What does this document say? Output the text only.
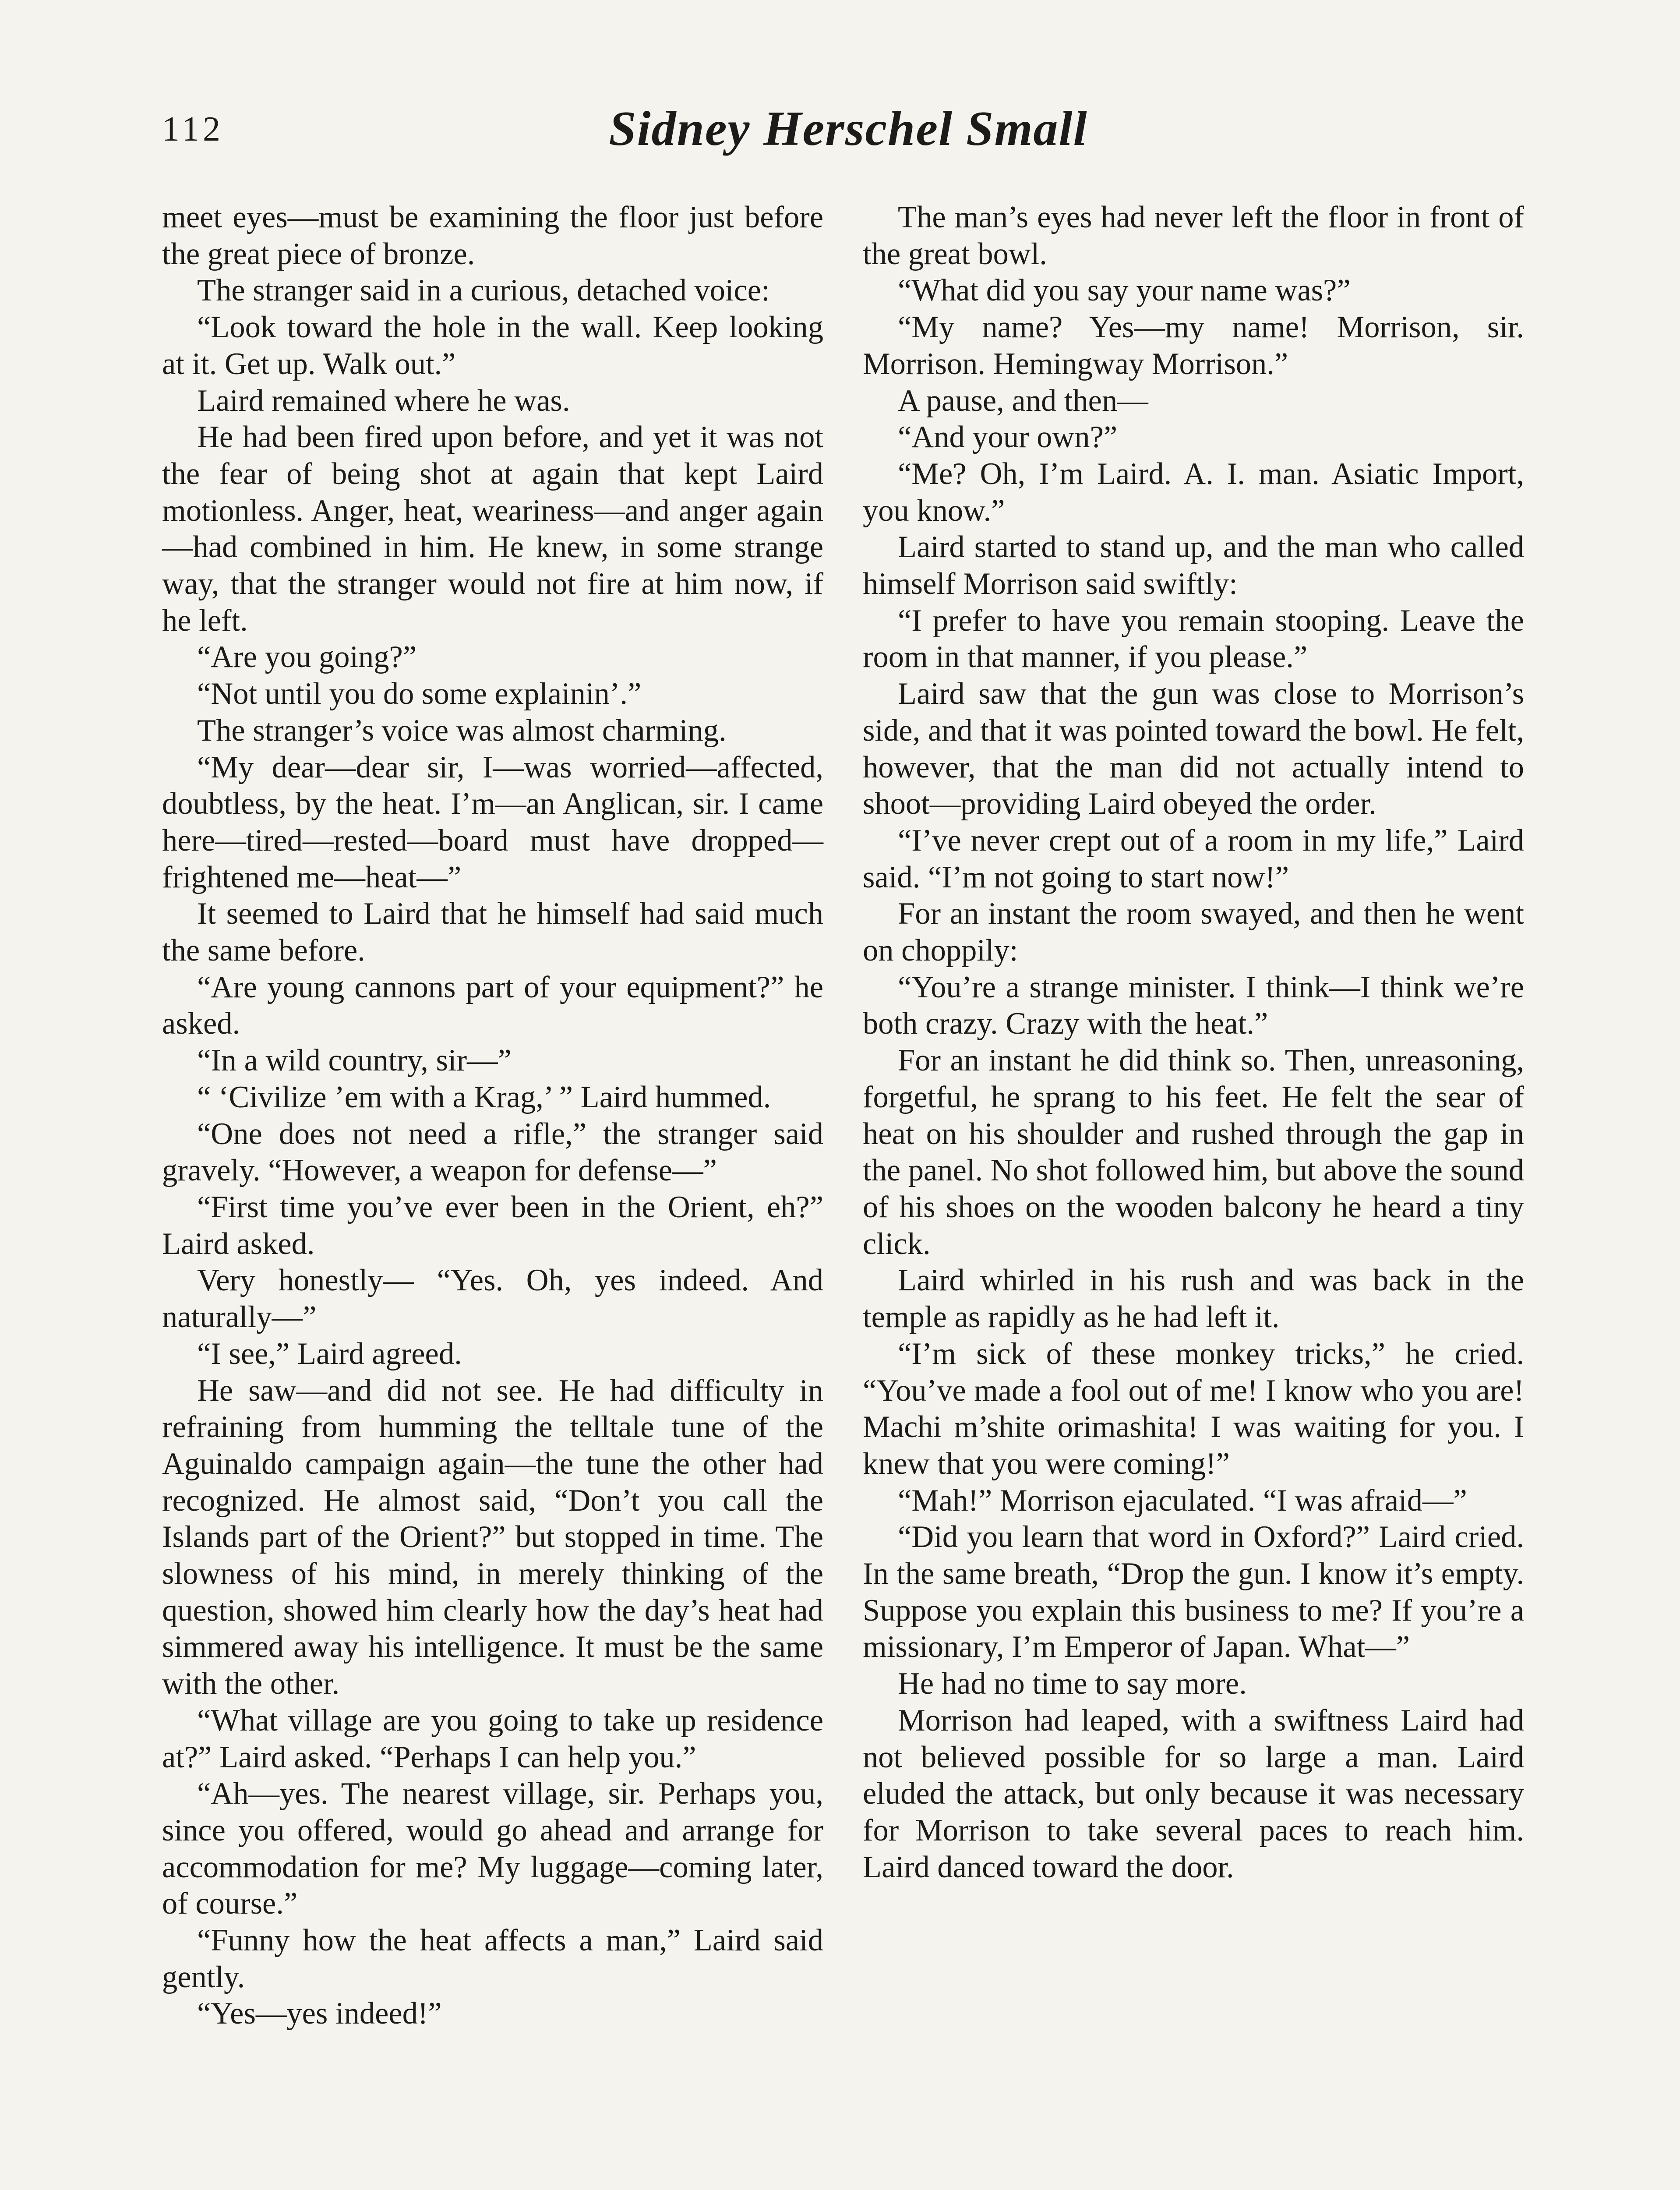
112	Sidney Herschel Small

meet eyes—must be examining the floor just before the great piece of bronze.

The stranger said in a curious, detached voice:

“Look toward the hole in the wall. Keep looking at it. Get up. Walk out.”

Laird remained where he was.

He had been fired upon before, and yet it was not the fear of being shot at again that kept Laird motionless. Anger, heat, weariness—and anger again—had combined in him. He knew, in some strange way, that the stranger would not fire at him now, if he left.

“Are you going?”

“Not until you do some explainin’.”

The stranger’s voice was almost charming.

“My dear—dear sir, I—was worried—affected, doubtless, by the heat. I’m—an Anglican, sir. I came here—tired—rested—board must have dropped—frightened me—heat—”

It seemed to Laird that he himself had said much the same before.

“Are young cannons part of your equipment?” he asked.

“In a wild country, sir—”

“ ‘Civilize ’em with a Krag,’ ” Laird hummed.

“One does not need a rifle,” the stranger said gravely. “However, a weapon for defense—”

“First time you’ve ever been in the Orient, eh?” Laird asked.

Very honestly— “Yes. Oh, yes indeed. And naturally—”

“I see,” Laird agreed.

He saw—and did not see. He had difficulty in refraining from humming the telltale tune of the Aguinaldo campaign again—the tune the other had recognized. He almost said, “Don’t you call the Islands part of the Orient?” but stopped in time. The slowness of his mind, in merely thinking of the question, showed him clearly how the day’s heat had simmered away his intelligence. It must be the same with the other.

“What village are you going to take up residence at?” Laird asked. “Perhaps I can help you.”

“Ah—yes. The nearest village, sir. Perhaps you, since you offered, would go ahead and arrange for accommodation for me? My luggage—coming later, of course.”

“Funny how the heat affects a man,” Laird said gently.

“Yes—yes indeed!”

The man’s eyes had never left the floor in front of the great bowl.

“What did you say your name was?”

“My name? Yes—my name! Morrison, sir. Morrison. Hemingway Morrison.”

A pause, and then—

“And your own?”

“Me? Oh, I’m Laird. A. I. man. Asiatic Import, you know.”

Laird started to stand up, and the man who called himself Morrison said swiftly:

“I prefer to have you remain stooping. Leave the room in that manner, if you please.”

Laird saw that the gun was close to Morrison’s side, and that it was pointed toward the bowl. He felt, however, that the man did not actually intend to shoot—providing Laird obeyed the order.

“I’ve never crept out of a room in my life,” Laird said. “I’m not going to start now!”

For an instant the room swayed, and then he went on choppily:

“You’re a strange minister. I think—I think we’re both crazy. Crazy with the heat.”

For an instant he did think so. Then, unreasoning, forgetful, he sprang to his feet. He felt the sear of heat on his shoulder and rushed through the gap in the panel. No shot followed him, but above the sound of his shoes on the wooden balcony he heard a tiny click.

Laird whirled in his rush and was back in the temple as rapidly as he had left it.

“I’m sick of these monkey tricks,” he cried. “You’ve made a fool out of me! I know who you are! Machi m’shite orimashita! I was waiting for you. I knew that you were coming!”

“Mah!” Morrison ejaculated. “I was afraid—”

“Did you learn that word in Oxford?” Laird cried. In the same breath, “Drop the gun. I know it’s empty. Suppose you explain this business to me? If you’re a missionary, I’m Emperor of Japan. What—”

He had no time to say more.

Morrison had leaped, with a swiftness Laird had not believed possible for so large a man. Laird eluded the attack, but only because it was necessary for Morrison to take several paces to reach him. Laird danced toward the door.
